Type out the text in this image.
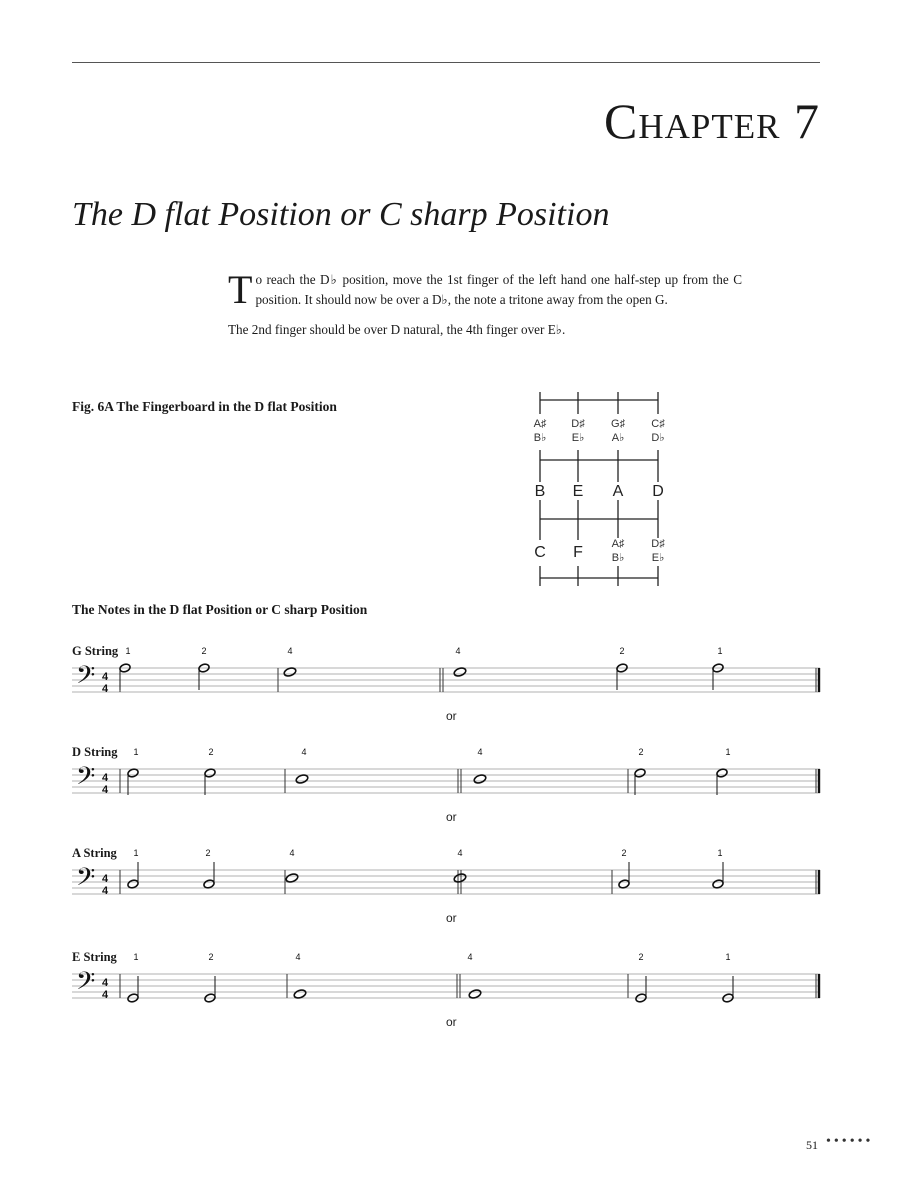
Chapter 7
The D flat Position or C sharp Position

To reach the D♭ position, move the 1st finger of the left hand one half-step up from the C position. It should now be over a D♭, the note a tritone away from the open G.

The 2nd finger should be over D natural, the 4th finger over E♭.

Fig. 6A The Fingerboard in the D flat Position
A♯ D♯ G♯ C♯
B♭ E♭ A♭ D♭
B E A D
C F	A♯ D♯
B♭ E♭
The Notes in the D flat Position or C sharp Position
G String
D String
A String
E String
𝄢 4
4
1	2	4	4	2	1
or
𝄢 4
4
1	2	4	4	2	1
or
𝄢 4
4
1	2	4	4	2	1
or
𝄢 4
4
1	2	4	4	2	1
or
51 ••••••
